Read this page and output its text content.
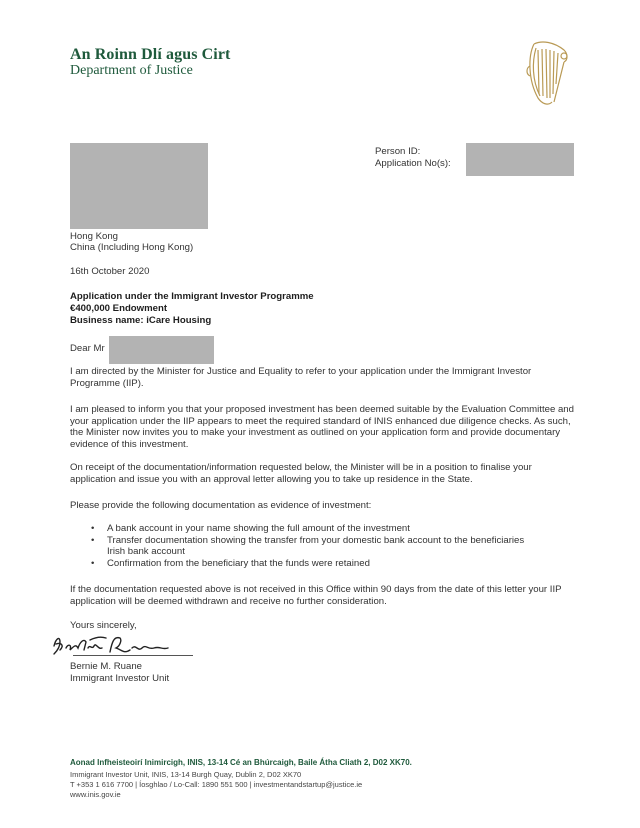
An Roinn Dlí agus Cirt
Department of Justice
Person ID:
Application No(s):
Hong Kong
China (Including Hong Kong)
16th October 2020
Application under the Immigrant Investor Programme
€400,000 Endowment
Business name: iCare Housing
Dear Mr
I am directed by the Minister for Justice and Equality to refer to your application under the Immigrant Investor Programme (IIP).
I am pleased to inform you that your proposed investment has been deemed suitable by the Evaluation Committee and your application under the IIP appears to meet the required standard of INIS enhanced due diligence checks. As such, the Minister now invites you to make your investment as outlined on your application form and provide documentary evidence of this investment.
On receipt of the documentation/information requested below, the Minister will be in a position to finalise your application and issue you with an approval letter allowing you to take up residence in the State.
Please provide the following documentation as evidence of investment:
• A bank account in your name showing the full amount of the investment
• Transfer documentation showing the transfer from your domestic bank account to the beneficiaries Irish bank account
• Confirmation from the beneficiary that the funds were retained
If the documentation requested above is not received in this Office within 90 days from the date of this letter your IIP application will be deemed withdrawn and receive no further consideration.
Yours sincerely,
Bernie M. Ruane
Immigrant Investor Unit
Aonad Infheisteoirí Inimircigh, INIS, 13-14 Cé an Bhúrcaigh, Baile Átha Cliath 2, D02 XK70.
Immigrant Investor Unit, INIS, 13-14 Burgh Quay, Dublin 2, D02 XK70
T +353 1 616 7700 | Íosghlao / Lo-Call: 1890 551 500 | investmentandstartup@justice.ie
www.inis.gov.ie
